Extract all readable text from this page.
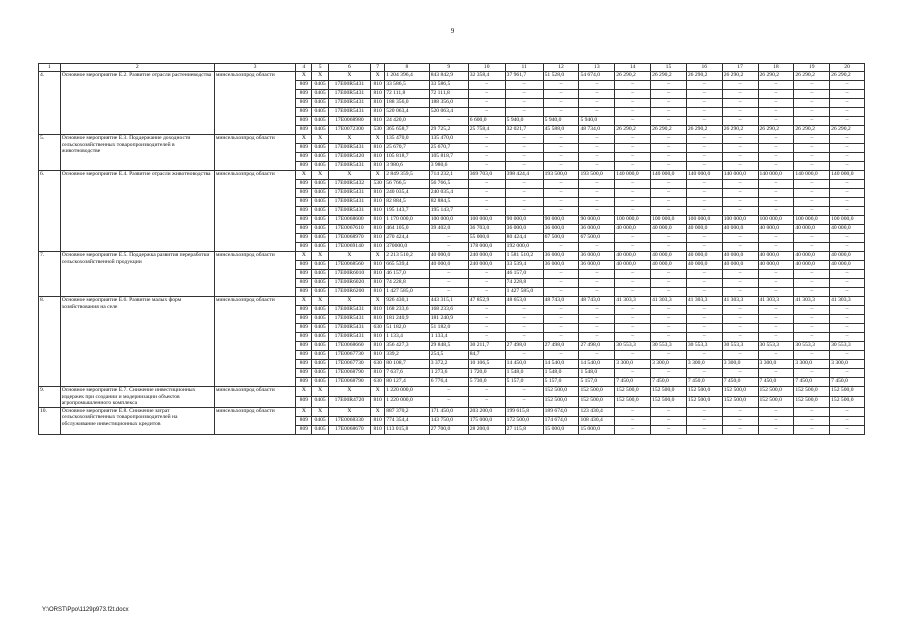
9
1	2	3	4	5	6	7	8	9	10	11	12	13	14	15	16	17	18	19	20
4.	Основное мероприятие Е.2. Развитие отрасли растениеводства	минсельхозпрод области	X	X	X	X	1 204 396,4	843 842,9	32 358,4	37 961,7	51 528,0	54 674,0	26 290,2	26 290,2	26 290,2	26 290,2	26 290,2	26 290,2	26 290,2
			809	0405	17Е00R5431	810	33 586,5	33 586,5	–	–	–	–	–	–	–	–	–	–	–
			809	0405	17Е00R5431	810	72 111,8	72 111,8	–	–	–	–	–	–	–	–	–	–	–
			809	0405	17Е00R5431	810	188 356,0	188 356,0	–	–	–	–	–	–	–	–	–	–	–
			809	0405	17Е00R5431	810	520 063,4	520 063,4	–	–	–	–	–	–	–	–	–	–	–
			809	0405	17Е0068980	810	24 420,0	–	6 600,0	5 940,0	5 940,0	5 940,0	–	–	–	–	–	–	–
			809	0405	17Е0072300	530	365 658,7	29 725,2	25 758,4	32 021,7	45 588,0	48 734,0	26 290,2	26 290,2	26 290,2	26 290,2	26 290,2	26 290,2	26 290,2
5.	Основное мероприятие Е.3. Поддержание доходности сельскохозяйственных товаропроизводителей в животноводстве	минсельхозпрод области	X	X	X	X	135 470,0	135 470,0	–	–	–	–	–	–	–	–	–	–	–
			809	0405	17Е00R5431	810	25 670,7	25 670,7	–	–	–	–	–	–	–	–	–	–	–
			809	0405	17Е00R5420	810	105 818,7	105 818,7	–	–	–	–	–	–	–	–	–	–	–
			809	0405	17Е00R5431	810	3 980,6	3 980,6	–	–	–	–	–	–	–	–	–	–	–
6.	Основное мероприятие Е.4. Развитие отрасли животноводства	минсельхозпрод области	X	X	X	X	2 849 359,5	714 232,1	369 703,0	398 424,4	193 500,0	193 500,0	140 000,0	140 000,0	140 000,0	140 000,0	140 000,0	140 000,0	140 000,0
			809	0405	17Е00R5432	530	56 766,5	56 766,5	–	–	–	–	–	–	–	–	–	–	–
			809	0405	17Е00R5431	810	240 035,4	240 035,4	–	–	–	–	–	–	–	–	–	–	–
			809	0405	17Е00R5431	810	82 884,5	82 884,5	–	–	–	–	–	–	–	–	–	–	–
			809	0405	17Е00R5431	810	195 143,7	195 143,7	–	–	–	–	–	–	–	–	–	–	–
			809	0405	17Е0068600	810	1 170 000,0	100 000,0	100 000,0	90 000,0	90 000,0	90 000,0	100 000,0	100 000,0	100 000,0	100 000,0	100 000,0	100 000,0	100 000,0
			809	0405	17Е0067610	810	464 105,0	39 402,0	36 703,0	36 000,0	36 000,0	36 000,0	40 000,0	40 000,0	40 000,0	40 000,0	40 000,0	40 000,0	40 000,0
			809	0405	17Е0068970	810	270 424,4	–	55 000,0	80 424,4	67 500,0	67 500,0	–	–	–	–	–	–	–
			809	0405	17Е0069140	810	370000,0	–	178 000,0	192 000,0	–	–	–	–	–	–	–	–	–
7.	Основное мероприятие Е.5. Поддержка развития переработки сельскохозяйственной продукции	минсельхозпрод области	X	X	X	X	2 213 510,2	40 000,0	240 000,0	1 581 510,2	36 000,0	36 000,0	40 000,0	40 000,0	40 000,0	40 000,0	40 000,0	40 000,0	40 000,0
			809	0405	17Е0068560	810	665 539,4	40 000,0	240 000,0	33 539,4	36 000,0	36 000,0	40 000,0	40 000,0	40 000,0	40 000,0	40 000,0	40 000,0	40 000,0
			809	0405	17Е00R6010	810	46 157,0	–	–	46 157,0	–	–	–	–	–	–	–	–	–
			809	0405	17Е00R6020	810	74 228,8	–	–	74 228,8	–	–	–	–	–	–	–	–	–
			809	0405	17Е00R6200	810	1 427 585,0	–	–	1 427 585,0	–	–	–	–	–	–	–	–	–
8.	Основное мероприятие Е.6. Развитие малых форм хозяйствования на селе	минсельхозпрод области	X	X	X	X	926 430,1	443 315,1	47 852,9	48 653,0	48 743,0	48 743,0	41 303,3	41 303,3	41 303,3	41 303,3	41 303,3	41 303,3	41 303,3
			809	0405	17Е00R5431	810	168 233,6	168 233,6	–	–	–	–	–	–	–	–	–	–	–
			809	0405	17Е00R5431	810	181 240,9	181 240,9	–	–	–	–	–	–	–	–	–	–	–
			809	0405	17Е00R5431	630	51 182,0	51 182,0	–	–	–	–	–	–	–	–	–	–	–
			809	0405	17Е00R5431	810	1 133,4	1 133,4	–	–	–	–	–	–	–	–	–	–	–
			809	0405	17Е0068660	810	356 427,3	29 848,5	30 211,7	27 498,0	27 498,0	27 498,0	30 553,3	30 553,3	30 553,3	30 553,3	30 553,3	30 553,3	30 553,3
			809	0405	17Е0067730	810	339,2	254,5	84,7	–	–	–	–	–	–	–	–	–	–
			809	0405	17Е0067730	630	80 108,7	3 372,2	10 106,5	14 450,0	14 540,0	14 540,0	3 300,0	3 300,0	3 300,0	3 300,0	3 300,0	3 300,0	3 300,0
			809	0405	17Е0068790	810	7 637,6	1 273,6	1 720,0	1 548,0	1 548,0	1 548,0	–	–	–	–	–	–	–
			809	0405	17Е0068790	630	80 127,4	6 776,4	5 730,0	5 157,0	5 157,0	5 157,0	7 450,0	7 450,0	7 450,0	7 450,0	7 450,0	7 450,0	7 450,0
9.	Основное мероприятие Е.7. Снижение инвестиционных издержек при создании и модернизации объектов агропромышленного комплекса	минсельхозпрод области	X	X	X	X	1 220 000,0	–	–	–	152 500,0	152 500,0	152 500,0	152 500,0	152 500,0	152 500,0	152 500,0	152 500,0	152 500,0
			809	0405	17Е00R4720	810	1 220 000,0	–	–	–	152 500,0	152 500,0	152 500,0	152 500,0	152 500,0	152 500,0	152 500,0	152 500,0	152 500,0
10.	Основное мероприятие Е.8. Снижение затрат сельскохозяйственных товаропроизводителей на обслуживание инвестиционных кредитов	минсельхозпрод области	X	X	X	X	887 370,2	171 450,0	203 200,0	199 615,8	189 674,0	123 430,4	–	–	–	–	–	–	–
			809	0405	17Е0068330	810	774 354,4	143 750,0	175 000,0	172 500,0	174 674,0	108 430,4	–	–	–	–	–	–	–
			809	0405	17Е0068670	810	113 015,8	27 700,0	28 200,0	27 115,8	15 000,0	15 000,0	–	–	–	–	–	–	–
Y:\ORST\Ppo\1129p973.f2t.docx
